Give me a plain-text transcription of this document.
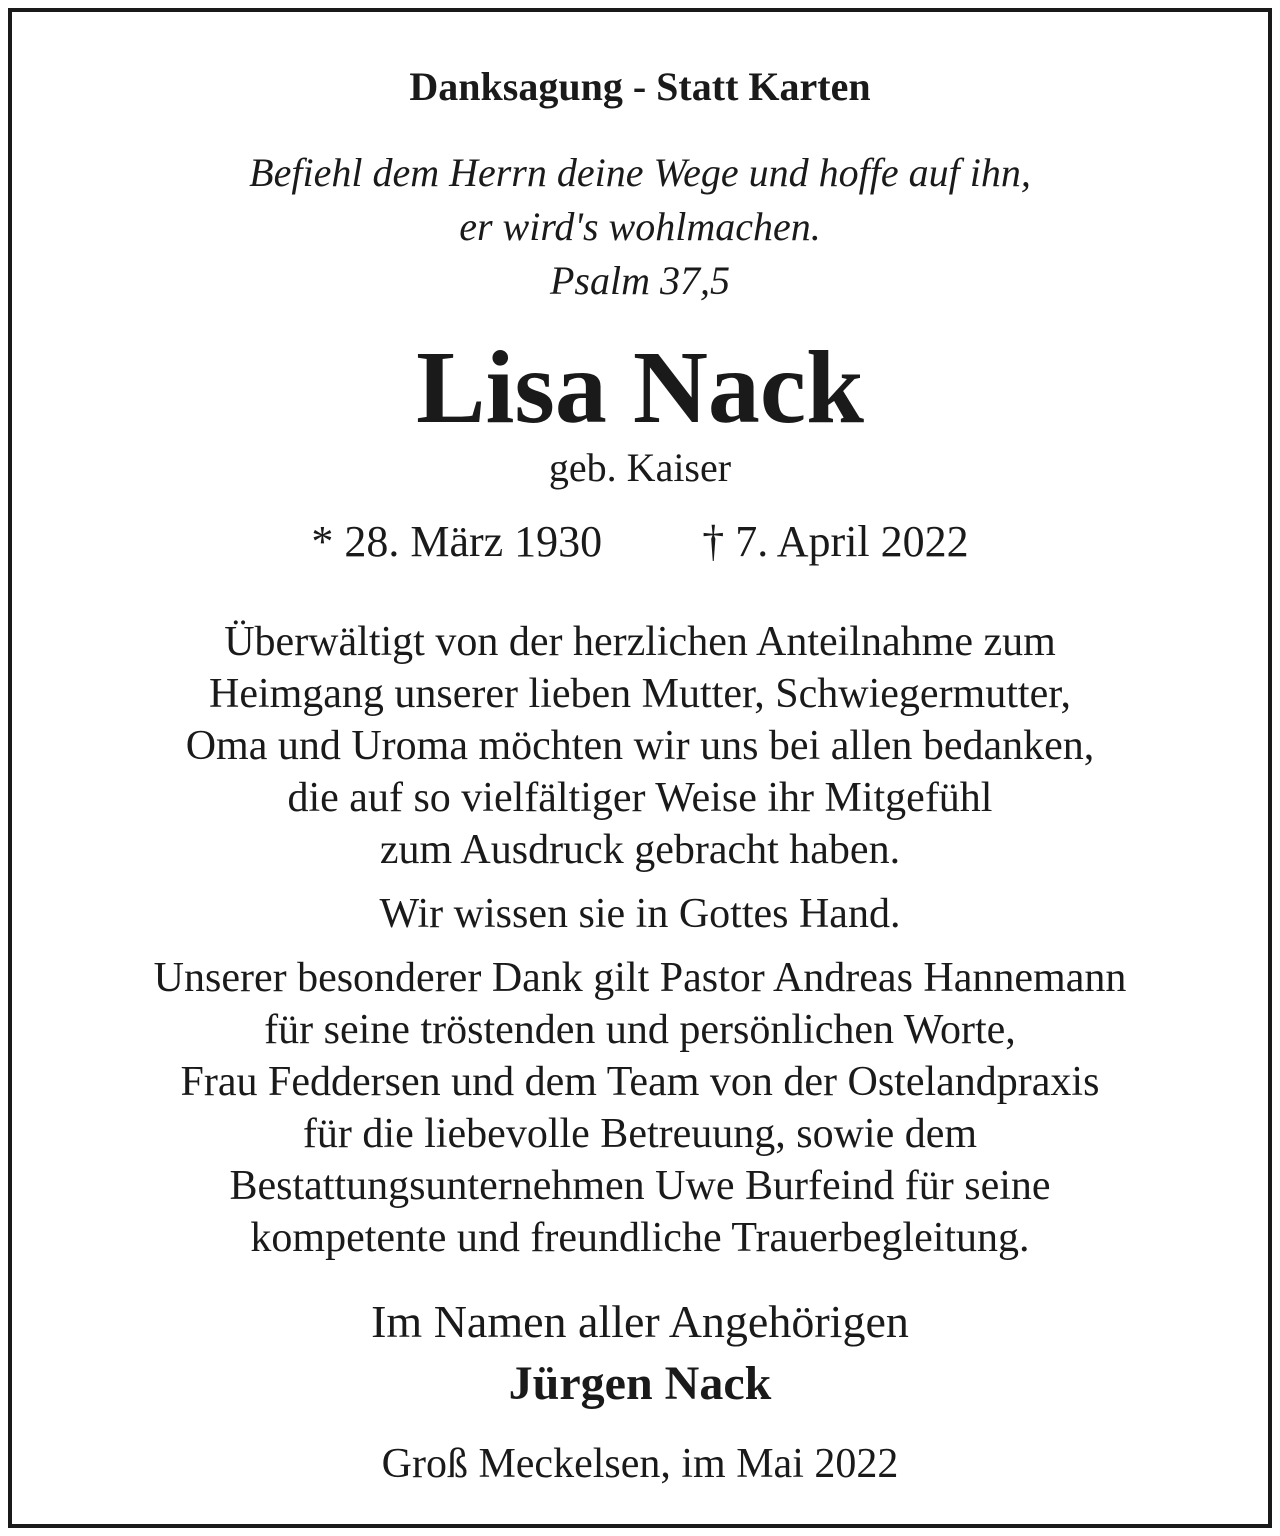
Danksagung - Statt Karten
Befiehl dem Herrn deine Wege und hoffe auf ihn,
er wird's wohlmachen.
Psalm 37,5
Lisa Nack
geb. Kaiser
* 28. März 1930 † 7. April 2022
Überwältigt von der herzlichen Anteilnahme zum
Heimgang unserer lieben Mutter, Schwiegermutter,
Oma und Uroma möchten wir uns bei allen bedanken,
die auf so vielfältiger Weise ihr Mitgefühl
zum Ausdruck gebracht haben.
Wir wissen sie in Gottes Hand.
Unserer besonderer Dank gilt Pastor Andreas Hannemann
für seine tröstenden und persönlichen Worte,
Frau Feddersen und dem Team von der Ostelandpraxis
für die liebevolle Betreuung, sowie dem
Bestattungsunternehmen Uwe Burfeind für seine
kompetente und freundliche Trauerbegleitung.
Im Namen aller Angehörigen
Jürgen Nack
Groß Meckelsen, im Mai 2022
